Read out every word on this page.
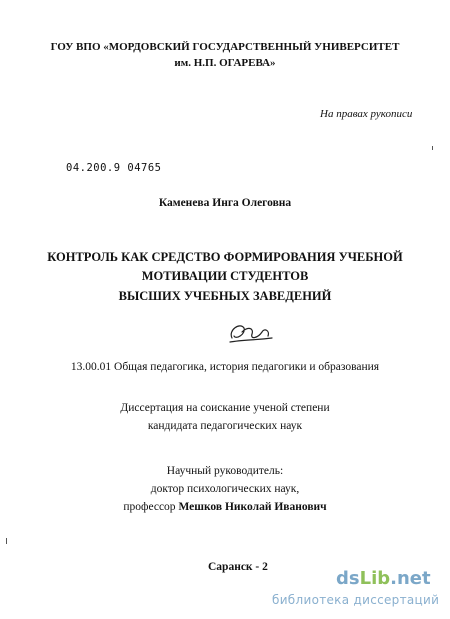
ГОУ ВПО «МОРДОВСКИЙ ГОСУДАРСТВЕННЫЙ УНИВЕРСИТЕТ
им. Н.П. ОГАРЕВА»
На правах рукописи
04.200.9 04765
Каменева Инга Олеговна
КОНТРОЛЬ КАК СРЕДСТВО ФОРМИРОВАНИЯ УЧЕБНОЙ
МОТИВАЦИИ СТУДЕНТОВ
ВЫСШИХ УЧЕБНЫХ ЗАВЕДЕНИЙ
13.00.01 Общая педагогика, история педагогики и образования
Диссертация на соискание ученой степени
кандидата педагогических наук
Научный руководитель:
доктор психологических наук,
профессор Мешков Николай Иванович
Саранск - 2
dsLib.net
библиотека диссертаций
